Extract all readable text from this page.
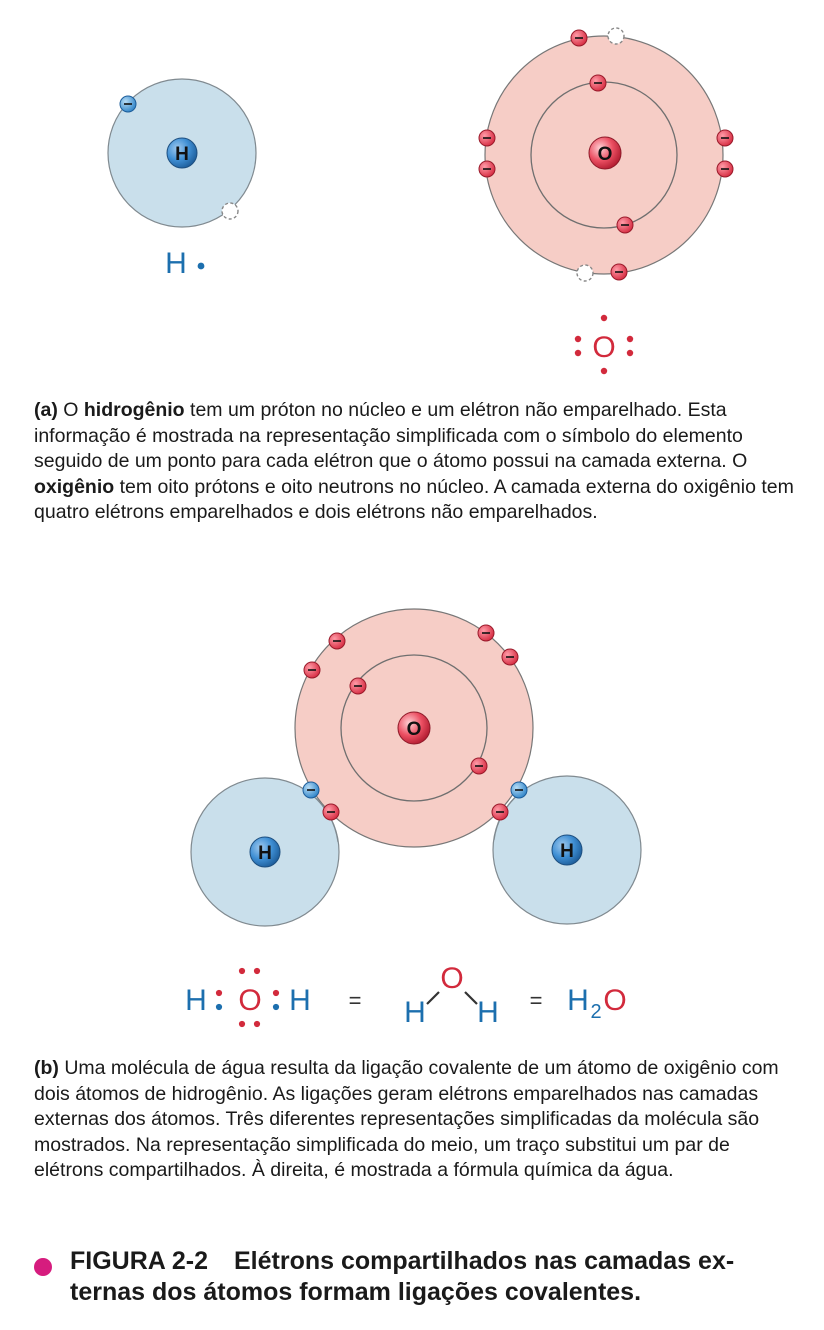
H
H
O
O
(a) O hidrogênio tem um próton no núcleo e um elétron não emparelhado. Esta informação é mostrada na representação simplificada com o símbolo do elemento seguido de um ponto para cada elétron que o átomo possui na camada externa. O oxigênio tem oito prótons e oito neutrons no núcleo. A camada externa do oxigênio tem quatro elétrons emparelhados e dois elétrons não emparelhados.
O
H	H
H O H =
O
H H = H 2 O
(b) Uma molécula de água resulta da ligação covalente de um átomo de oxigênio com dois átomos de hidrogênio. As ligações geram elétrons emparelhados nas camadas externas dos átomos. Três diferentes representações simplificadas da molécula são mostrados. Na representação simplificada do meio, um traço substitui um par de elétrons compartilhados. À direita, é mostrada a fórmula química da água.
FIGURA 2-2 Elétrons compartilhados nas camadas ex-
ternas dos átomos formam ligações covalentes.
